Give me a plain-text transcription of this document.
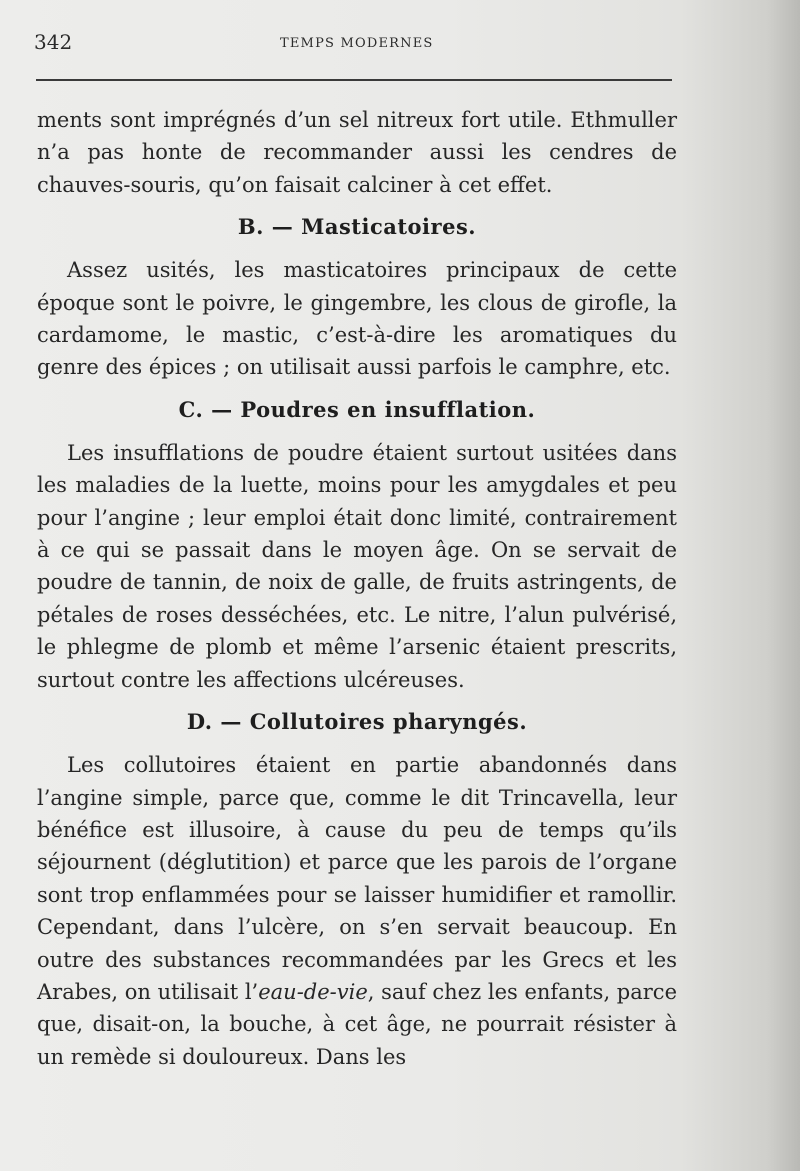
342	TEMPS MODERNES

ments sont imprégnés d’un sel nitreux fort utile. Ethmuller n’a pas honte de recommander aussi les cendres de chauves-souris, qu’on faisait calciner à cet effet.

B. — Masticatoires.

Assez usités, les masticatoires principaux de cette époque sont le poivre, le gingembre, les clous de girofle, la cardamome, le mastic, c’est-à-dire les aromatiques du genre des épices ; on utilisait aussi parfois le camphre, etc.

C. — Poudres en insufflation.

Les insufflations de poudre étaient surtout usitées dans les maladies de la luette, moins pour les amygdales et peu pour l’angine ; leur emploi était donc limité, contrairement à ce qui se passait dans le moyen âge. On se servait de poudre de tannin, de noix de galle, de fruits astringents, de pétales de roses desséchées, etc. Le nitre, l’alun pulvérisé, le phlegme de plomb et même l’arsenic étaient prescrits, surtout contre les affections ulcéreuses.

D. — Collutoires pharyngés.

Les collutoires étaient en partie abandonnés dans l’angine simple, parce que, comme le dit Trincavella, leur bénéfice est illusoire, à cause du peu de temps qu’ils séjournent (déglutition) et parce que les parois de l’organe sont trop enflammées pour se laisser humidifier et ramollir. Cependant, dans l’ulcère, on s’en servait beaucoup. En outre des substances recommandées par les Grecs et les Arabes, on utilisait l’eau-de-vie, sauf chez les enfants, parce que, disait-on, la bouche, à cet âge, ne pourrait résister à un remède si douloureux. Dans les
